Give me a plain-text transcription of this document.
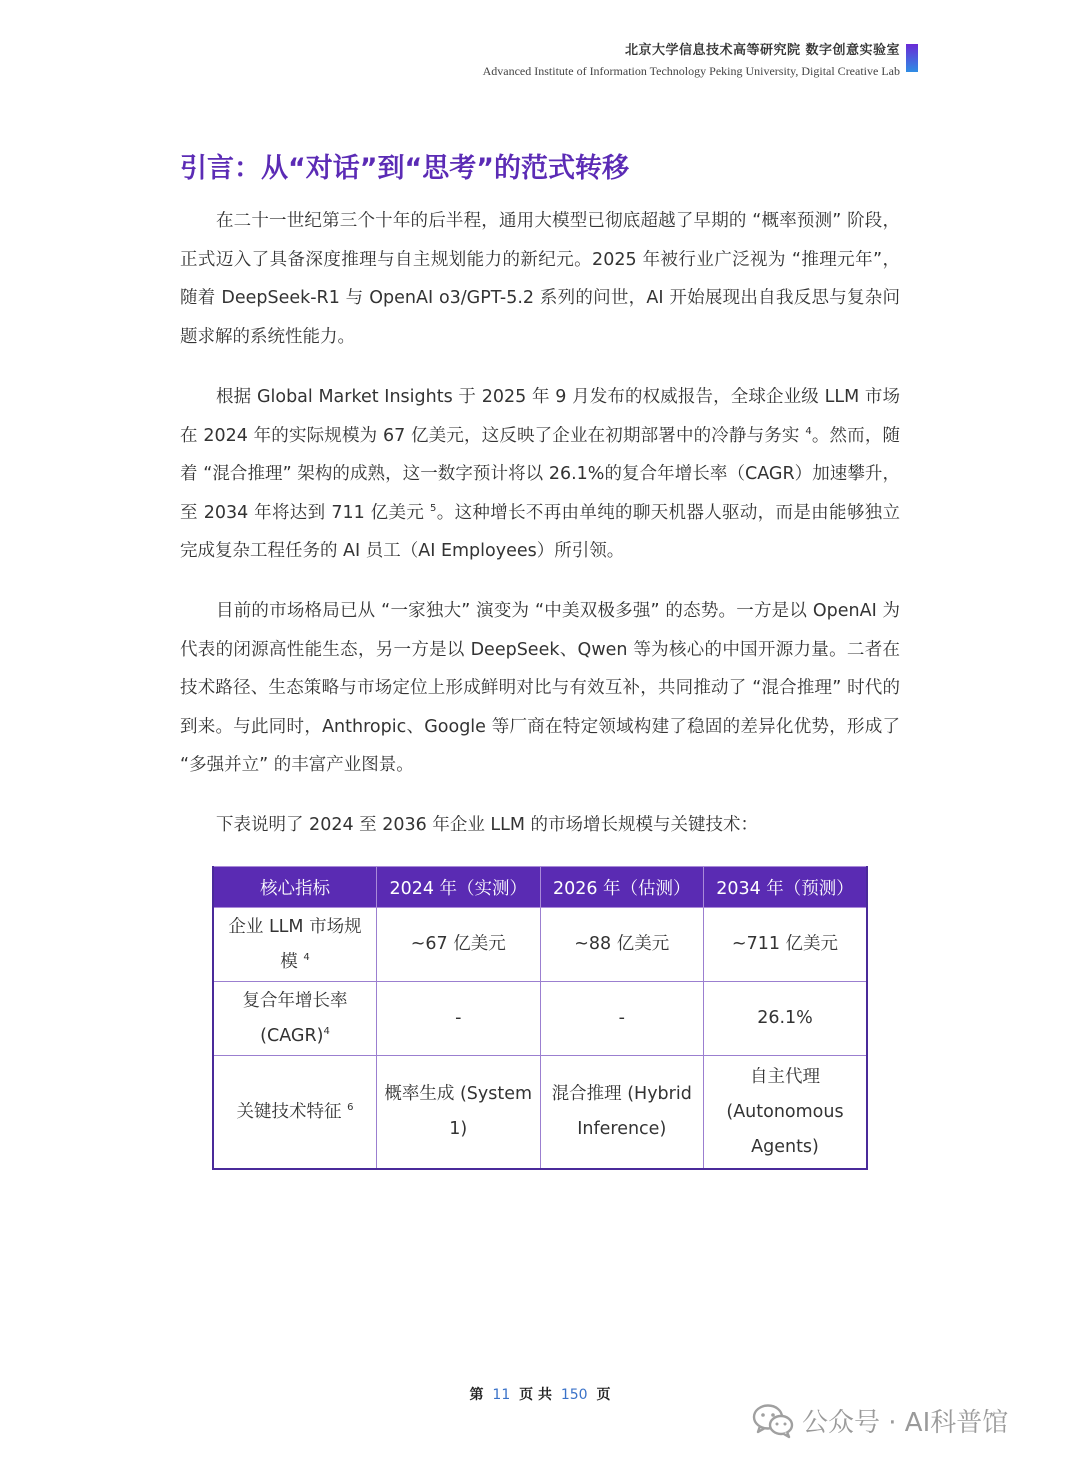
北京大学信息技术高等研究院 数字创意实验室
Advanced Institute of Information Technology Peking University, Digital Creative Lab
引言：从“对话”到“思考”的范式转移

在二十一世纪第三个十年的后半程，通用大模型已彻底超越了早期的 “概率预测” 阶段，正式迈入了具备深度推理与自主规划能力的新纪元。2025 年被行业广泛视为 “推理元年”，随着 DeepSeek-R1 与 OpenAI o3/GPT-5.2 系列的问世，AI 开始展现出自我反思与复杂问题求解的系统性能力。

根据 Global Market Insights 于 2025 年 9 月发布的权威报告，全球企业级 LLM 市场在 2024 年的实际规模为 67 亿美元，这反映了企业在初期部署中的冷静与务实 $^4$。然而，随着 “混合推理” 架构的成熟，这一数字预计将以 26.1%的复合年增长率（CAGR）加速攀升，至 2034 年将达到 711 亿美元 $^5$。这种增长不再由单纯的聊天机器人驱动，而是由能够独立完成复杂工程任务的 AI 员工（AI Employees）所引领。

目前的市场格局已从 “一家独大” 演变为 “中美双极多强” 的态势。一方是以 OpenAI 为代表的闭源高性能生态，另一方是以 DeepSeek、Qwen 等为核心的中国开源力量。二者在技术路径、生态策略与市场定位上形成鲜明对比与有效互补，共同推动了 “混合推理” 时代的到来。与此同时，Anthropic、Google 等厂商在特定领域构建了稳固的差异化优势，形成了 “多强并立” 的丰富产业图景。

下表说明了 2024 至 2036 年企业 LLM 的市场增长规模与关键技术：

核心指标	2024 年（实测）	2026 年（估测）	2034 年（预测）
企业 LLM 市场规模 $^4$	~67 亿美元	~88 亿美元	~711 亿美元
复合年增长率 (CAGR)$^4$	-	-	26.1%
关键技术特征 $^6$	概率生成 (System 1)	混合推理 (Hybrid Inference)	自主代理 (Autonomous Agents)
第 11 页 共 150 页
公众号 · AI科普馆
